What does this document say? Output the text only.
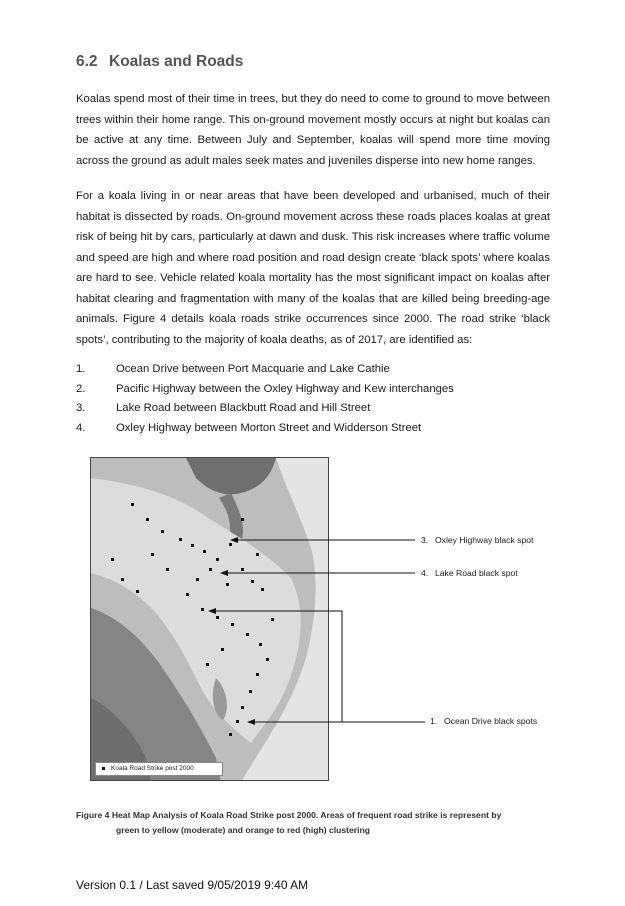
6.2 Koalas and Roads

Koalas spend most of their time in trees, but they do need to come to ground to move between trees within their home range. This on-ground movement mostly occurs at night but koalas can be active at any time. Between July and September, koalas will spend more time moving across the ground as adult males seek mates and juveniles disperse into new home ranges.

For a koala living in or near areas that have been developed and urbanised, much of their habitat is dissected by roads. On-ground movement across these roads places koalas at great risk of being hit by cars, particularly at dawn and dusk. This risk increases where traffic volume and speed are high and where road position and road design create ‘black spots’ where koalas are hard to see. Vehicle related koala mortality has the most significant impact on koalas after habitat clearing and fragmentation with many of the koalas that are killed being breeding-age animals. Figure 4 details koala roads strike occurrences since 2000. The road strike ‘black spots’, contributing to the majority of koala deaths, as of 2017, are identified as:

1.	Ocean Drive between Port Macquarie and Lake Cathie
2.	Pacific Highway between the Oxley Highway and Kew interchanges
3.	Lake Road between Blackbutt Road and Hill Street
4.	Oxley Highway between Morton Street and Widderson Street
Koala Road Strike post 2000
3. Oxley Highway black spot
4. Lake Road black spot
1. Ocean Drive black spots
Figure 4 Heat Map Analysis of Koala Road Strike post 2000. Areas of frequent road strike is represent by
green to yellow (moderate) and orange to red (high) clustering
Version 0.1 / Last saved 9/05/2019 9:40 AM
